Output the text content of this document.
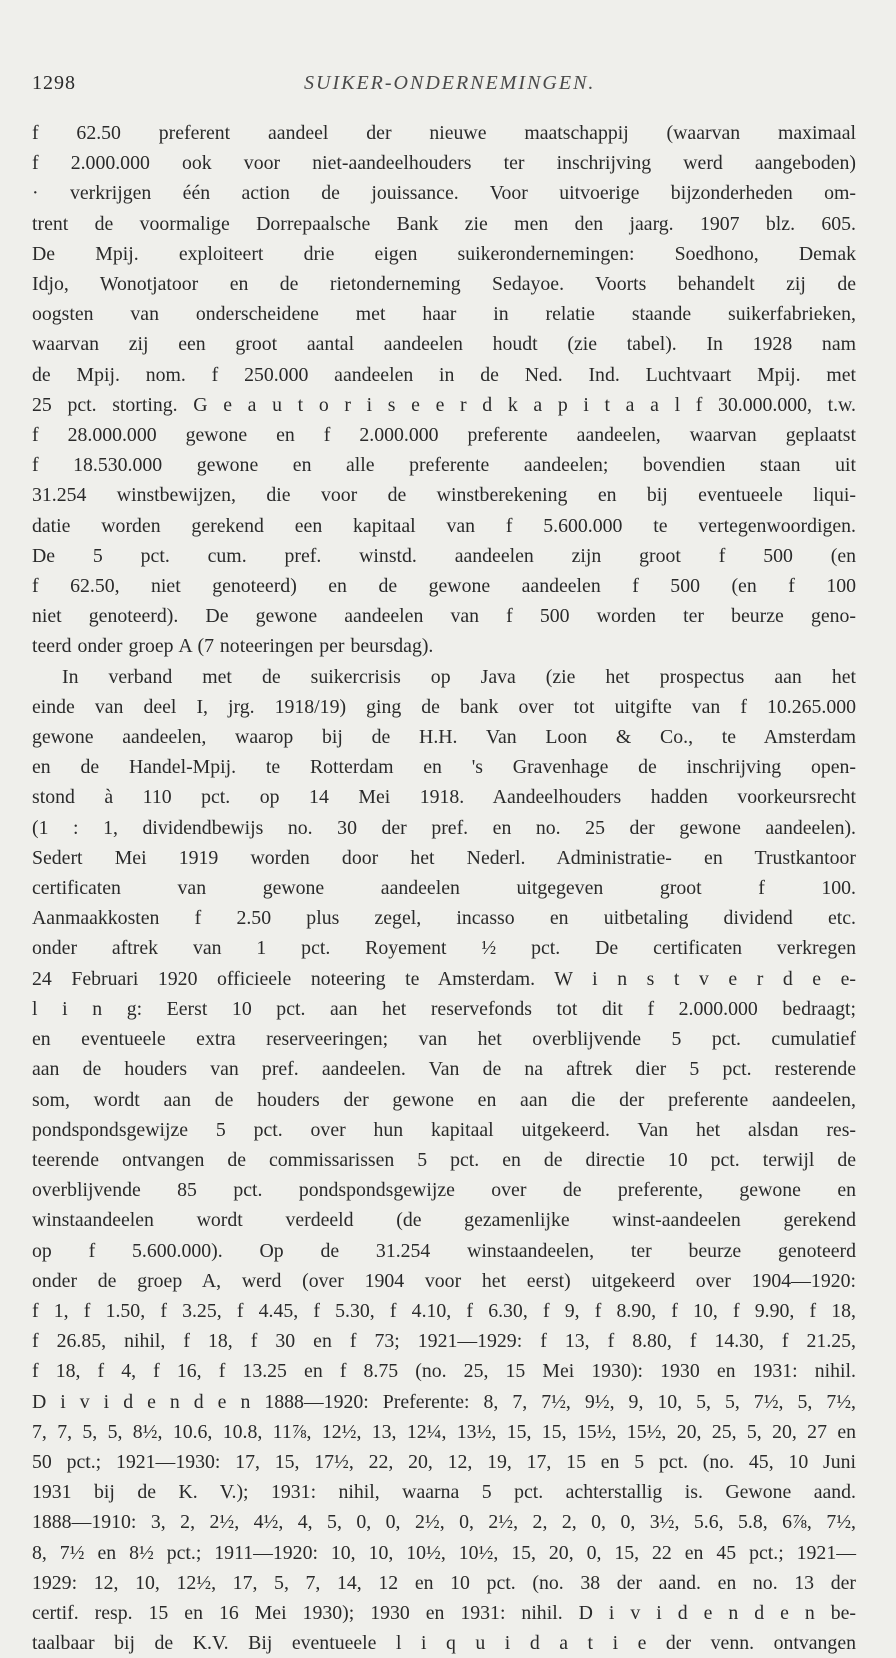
1298	SUIKER-ONDERNEMINGEN.
f 62.50 preferent aandeel der nieuwe maatschappij (waarvan maximaal
f 2.000.000 ook voor niet-aandeelhouders ter inschrijving werd aangeboden)
· verkrijgen één action de jouissance. Voor uitvoerige bijzonderheden om-
trent de voormalige Dorrepaalsche Bank zie men den jaarg. 1907 blz. 605.
De Mpij. exploiteert drie eigen suikerondernemingen: Soedhono, Demak
Idjo, Wonotjatoor en de rietonderneming Sedayoe. Voorts behandelt zij de
oogsten van onderscheidene met haar in relatie staande suikerfabrieken,
waarvan zij een groot aantal aandeelen houdt (zie tabel). In 1928 nam
de Mpij. nom. f 250.000 aandeelen in de Ned. Ind. Luchtvaart Mpij. met
25 pct. storting. G e a u t o r i s e e r d k a p i t a a l f 30.000.000, t.w.
f 28.000.000 gewone en f 2.000.000 preferente aandeelen, waarvan geplaatst
f 18.530.000 gewone en alle preferente aandeelen; bovendien staan uit
31.254 winstbewijzen, die voor de winstberekening en bij eventueele liqui-
datie worden gerekend een kapitaal van f 5.600.000 te vertegenwoordigen.
De 5 pct. cum. pref. winstd. aandeelen zijn groot f 500 (en
f 62.50, niet genoteerd) en de gewone aandeelen f 500 (en f 100
niet genoteerd). De gewone aandeelen van f 500 worden ter beurze geno-
teerd onder groep A (7 noteeringen per beursdag).
In verband met de suikercrisis op Java (zie het prospectus aan het
einde van deel I, jrg. 1918/19) ging de bank over tot uitgifte van f 10.265.000
gewone aandeelen, waarop bij de H.H. Van Loon & Co., te Amsterdam
en de Handel-Mpij. te Rotterdam en 's Gravenhage de inschrijving open-
stond à 110 pct. op 14 Mei 1918. Aandeelhouders hadden voorkeursrecht
(1 : 1, dividendbewijs no. 30 der pref. en no. 25 der gewone aandeelen).
Sedert Mei 1919 worden door het Nederl. Administratie- en Trustkantoor
certificaten van gewone aandeelen uitgegeven groot f 100.
Aanmaakkosten f 2.50 plus zegel, incasso en uitbetaling dividend etc.
onder aftrek van 1 pct. Royement ½ pct. De certificaten verkregen
24 Februari 1920 officieele noteering te Amsterdam. W i n s t v e r d e e-
l i n g: Eerst 10 pct. aan het reservefonds tot dit f 2.000.000 bedraagt;
en eventueele extra reserveeringen; van het overblijvende 5 pct. cumulatief
aan de houders van pref. aandeelen. Van de na aftrek dier 5 pct. resterende
som, wordt aan de houders der gewone en aan die der preferente aandeelen,
pondspondsgewijze 5 pct. over hun kapitaal uitgekeerd. Van het alsdan res-
teerende ontvangen de commissarissen 5 pct. en de directie 10 pct. terwijl de
overblijvende 85 pct. pondspondsgewijze over de preferente, gewone en
winstaandeelen wordt verdeeld (de gezamenlijke winst-aandeelen gerekend
op f 5.600.000). Op de 31.254 winstaandeelen, ter beurze genoteerd
onder de groep A, werd (over 1904 voor het eerst) uitgekeerd over 1904—1920:
f 1, f 1.50, f 3.25, f 4.45, f 5.30, f 4.10, f 6.30, f 9, f 8.90, f 10, f 9.90, f 18,
f 26.85, nihil, f 18, f 30 en f 73; 1921—1929: f 13, f 8.80, f 14.30, f 21.25,
f 18, f 4, f 16, f 13.25 en f 8.75 (no. 25, 15 Mei 1930): 1930 en 1931: nihil.
D i v i d e n d e n 1888—1920: Preferente: 8, 7, 7½, 9½, 9, 10, 5, 5, 7½, 5, 7½,
7, 7, 5, 5, 8½, 10.6, 10.8, 11⅞, 12½, 13, 12¼, 13½, 15, 15, 15½, 15½, 20, 25, 5, 20, 27 en
50 pct.; 1921—1930: 17, 15, 17½, 22, 20, 12, 19, 17, 15 en 5 pct. (no. 45, 10 Juni
1931 bij de K. V.); 1931: nihil, waarna 5 pct. achterstallig is. Gewone aand.
1888—1910: 3, 2, 2½, 4½, 4, 5, 0, 0, 2½, 0, 2½, 2, 2, 0, 0, 3½, 5.6, 5.8, 6⅞, 7½,
8, 7½ en 8½ pct.; 1911—1920: 10, 10, 10½, 10½, 15, 20, 0, 15, 22 en 45 pct.; 1921—
1929: 12, 10, 12½, 17, 5, 7, 14, 12 en 10 pct. (no. 38 der aand. en no. 13 der
certif. resp. 15 en 16 Mei 1930); 1930 en 1931: nihil. D i v i d e n d e n be-
taalbaar bij de K.V. Bij eventueele l i q u i d a t i e der venn. ontvangen
